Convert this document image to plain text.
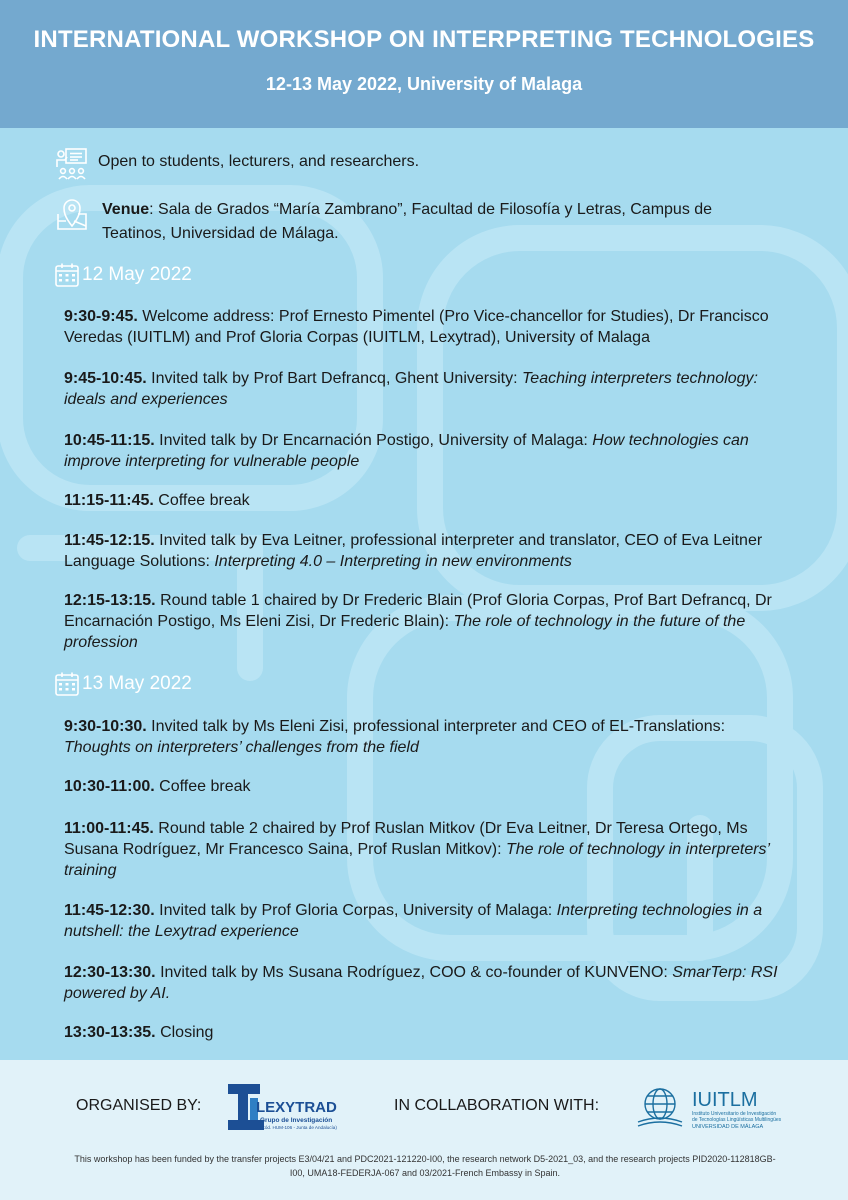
INTERNATIONAL WORKSHOP ON INTERPRETING TECHNOLOGIES
12-13 May 2022, University of Malaga
Open to students, lecturers, and researchers.
Venue: Sala de Grados “María Zambrano”, Facultad de Filosofía y Letras, Campus de
Teatinos, Universidad de Málaga.
12 May 2022
9:30-9:45. Welcome address: Prof Ernesto Pimentel (Pro Vice-chancellor for Studies), Dr Francisco
Veredas (IUITLM) and Prof Gloria Corpas (IUITLM, Lexytrad), University of Malaga
9:45-10:45. Invited talk by Prof Bart Defrancq, Ghent University: Teaching interpreters technology:
ideals and experiences
10:45-11:15. Invited talk by Dr Encarnación Postigo, University of Malaga: How technologies can
improve interpreting for vulnerable people
11:15-11:45. Coffee break
11:45-12:15. Invited talk by Eva Leitner, professional interpreter and translator, CEO of Eva Leitner
Language Solutions: Interpreting 4.0 – Interpreting in new environments
12:15-13:15. Round table 1 chaired by Dr Frederic Blain (Prof Gloria Corpas, Prof Bart Defrancq, Dr
Encarnación Postigo, Ms Eleni Zisi, Dr Frederic Blain): The role of technology in the future of the
profession
13 May 2022
9:30-10:30. Invited talk by Ms Eleni Zisi, professional interpreter and CEO of EL-Translations:
Thoughts on interpreters’ challenges from the field
10:30-11:00. Coffee break
11:00-11:45. Round table 2 chaired by Prof Ruslan Mitkov (Dr Eva Leitner, Dr Teresa Ortego, Ms
Susana Rodríguez, Mr Francesco Saina, Prof Ruslan Mitkov): The role of technology in interpreters’
training
11:45-12:30. Invited talk by Prof Gloria Corpas, University of Malaga: Interpreting technologies in a
nutshell: the Lexytrad experience
12:30-13:30. Invited talk by Ms Susana Rodríguez, COO & co-founder of KUNVENO: SmarTerp: RSI
powered by AI.
13:30-13:35. Closing
ORGANISED BY:	LEXYTRAD
Grupo de Investigación
(Cód. HUM-106 - Junta de Andalucía)
IN COLLABORATION WITH:	IUITLM
Instituto Universitario de Investigación
de Tecnologías Lingüísticas Multilingües
UNIVERSIDAD DE MÁLAGA
This workshop has been funded by the transfer projects E3/04/21 and PDC2021-121220-I00, the research network D5-2021_03, and the research projects PID2020-112818GB-
I00, UMA18-FEDERJA-067 and 03/2021-French Embassy in Spain.
